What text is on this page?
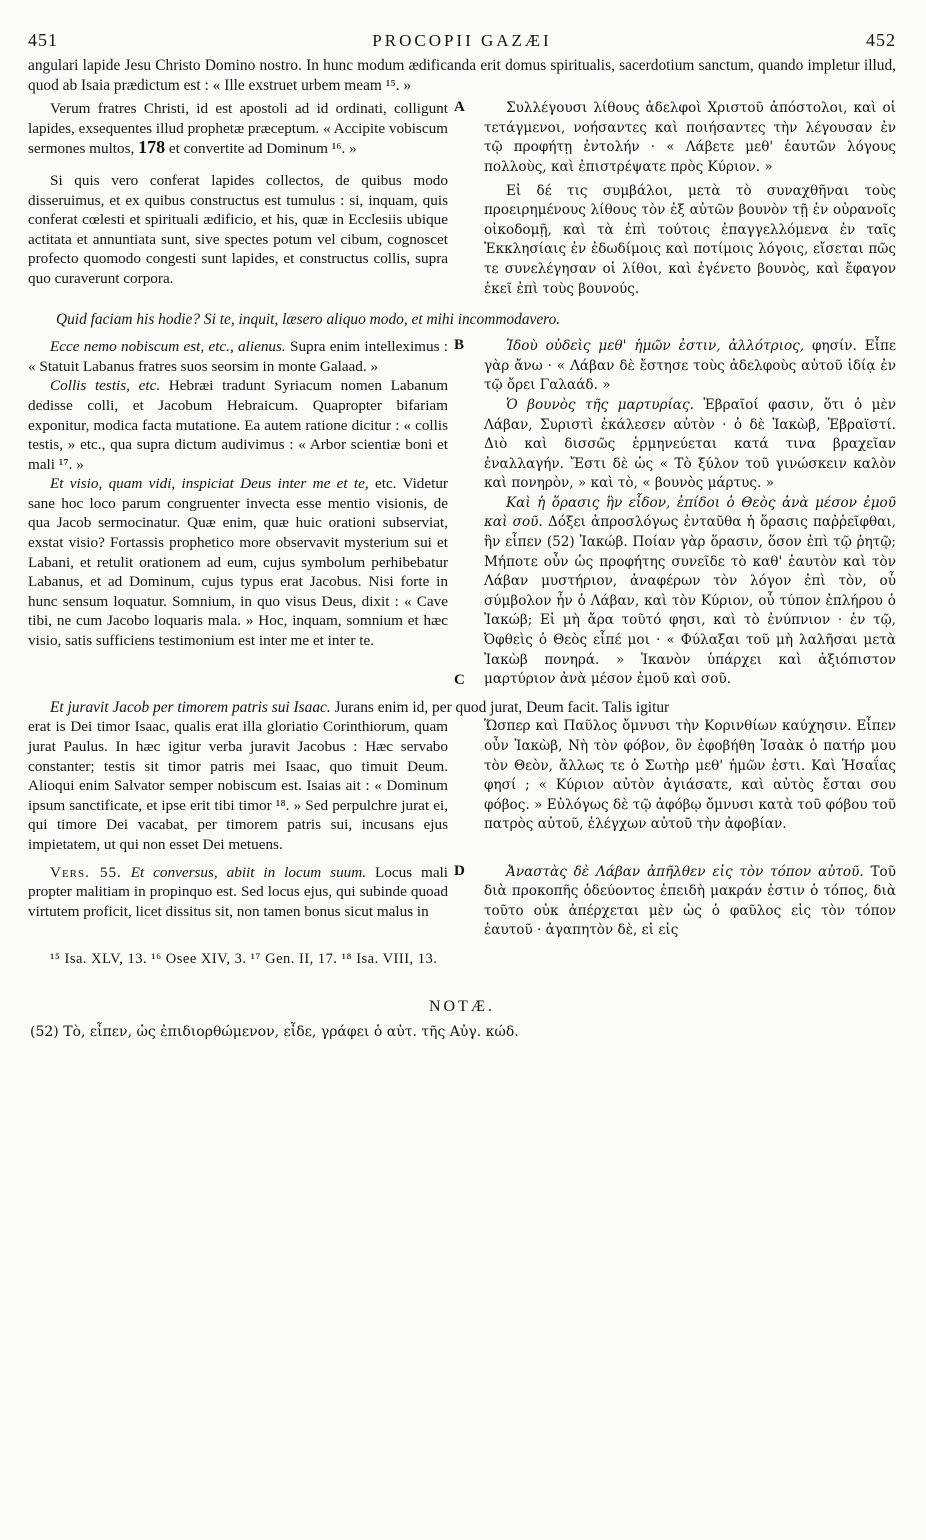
451	PROCOPII GAZÆI	452
angulari lapide Jesu Christo Domino nostro. In hunc modum ædificanda erit domus spiritualis, sacerdotium sanctum, quando impletur illud, quod ab Isaia prædictum est : « Ille exstruet urbem meam ¹⁵. »
A
Verum fratres Christi, id est apostoli ad id ordinati, colligunt lapides, exsequentes illud prophetæ præceptum. « Accipite vobiscum sermones multos, 178 et convertite ad Dominum ¹⁶. »
Si quis vero conferat lapides collectos, de quibus modo disseruimus, et ex quibus constructus est tumulus : si, inquam, quis conferat cœlesti et spirituali ædificio, et his, quæ in Ecclesiis ubique actitata et annuntiata sunt, sive spectes potum vel cibum, cognoscet profecto quomodo congesti sunt lapides, et constructus collis, supra quo curaverunt corpora.
Συλλέγουσι λίθους ἀδελφοὶ Χριστοῦ ἀπόστολοι, καὶ οἱ τετάγμενοι, νοήσαντες καὶ ποιήσαντες τὴν λέγουσαν ἐν τῷ προφήτῃ ἐντολήν · « Λάβετε μεθ' ἑαυτῶν λόγους πολλοὺς, καὶ ἐπιστρέψατε πρὸς Κύριον. »
Εἰ δέ τις συμβάλοι, μετὰ τὸ συναχθῆναι τοὺς προειρημένους λίθους τὸν ἐξ αὐτῶν βουνὸν τῇ ἐν οὐρανοῖς οἰκοδομῇ, καὶ τὰ ἐπὶ τούτοις ἐπαγγελλόμενα ἐν ταῖς Ἐκκλησίαις ἐν ἐδωδίμοις καὶ ποτίμοις λόγοις, εἴσεται πῶς τε συνελέγησαν οἱ λίθοι, καὶ ἐγένετο βουνὸς, καὶ ἔφαγον ἐκεῖ ἐπὶ τοὺς βουνούς.
Quid faciam his hodie? Si te, inquit, læsero aliquo modo, et mihi incommodavero.
B
C
Ecce nemo nobiscum est, etc., alienus. Supra enim intelleximus : « Statuit Labanus fratres suos seorsim in monte Galaad. »
Collis testis, etc. Hebræi tradunt Syriacum nomen Labanum dedisse colli, et Jacobum Hebraicum. Quapropter bifariam exponitur, modica facta mutatione. Ea autem ratione dicitur : « collis testis, » etc., qua supra dictum audivimus : « Arbor scientiæ boni et mali ¹⁷. »
Et visio, quam vidi, inspiciat Deus inter me et te, etc. Videtur sane hoc loco parum congruenter invecta esse mentio visionis, de qua Jacob sermocinatur. Quæ enim, quæ huic orationi subserviat, exstat visio? Fortassis prophetico more observavit mysterium sui et Labani, et retulit orationem ad eum, cujus symbolum perhibebatur Labanus, et ad Dominum, cujus typus erat Jacobus. Nisi forte in hunc sensum loquatur. Somnium, in quo visus Deus, dixit : « Cave tibi, ne cum Jacobo loquaris mala. » Hoc, inquam, somnium et hæc visio, satis sufficiens testimonium est inter me et inter te.
Ἰδοὺ οὐδεὶς μεθ' ἡμῶν ἐστιν, ἀλλότριος, φησίν. Εἶπε γὰρ ἄνω · « Λάβαν δὲ ἔστησε τοὺς ἀδελφοὺς αὐτοῦ ἰδίᾳ ἐν τῷ ὄρει Γαλαάδ. »
Ὁ βουνὸς τῆς μαρτυρίας. Ἑβραῖοί φασιν, ὅτι ὁ μὲν Λάβαν, Συριστὶ ἐκάλεσεν αὐτὸν · ὁ δὲ Ἰακὼβ, Ἑβραϊστί. Διὸ καὶ δισσῶς ἑρμηνεύεται κατά τινα βραχεῖαν ἐναλλαγήν. Ἔστι δὲ ὡς « Τὸ ξύλον τοῦ γινώσκειν καλὸν καὶ πονηρὸν, » καὶ τὸ, « βουνὸς μάρτυς. »
Καὶ ἡ ὅρασις ἣν εἶδον, ἐπίδοι ὁ Θεὸς ἀνὰ μέσον ἐμοῦ καὶ σοῦ. Δόξει ἀπροσλόγως ἐνταῦθα ἡ ὅρασις παῤῥεῖφθαι, ἣν εἶπεν (52) Ἰακώβ. Ποίαν γὰρ ὅρασιν, ὅσον ἐπὶ τῷ ῥητῷ; Μήποτε οὖν ὡς προφήτης συνεῖδε τὸ καθ' ἑαυτὸν καὶ τὸν Λάβαν μυστήριον, ἀναφέρων τὸν λόγον ἐπὶ τὸν, οὗ σύμβολον ἦν ὁ Λάβαν, καὶ τὸν Κύριον, οὗ τύπον ἐπλήρου ὁ Ἰακώβ; Εἰ μὴ ἄρα τοῦτό φησι, καὶ τὸ ἐνύπνιον · ἐν τῷ, Ὀφθεὶς ὁ Θεὸς εἶπέ μοι · « Φύλαξαι τοῦ μὴ λαλῆσαι μετὰ Ἰακὼβ πονηρά. » Ἱκανὸν ὑπάρχει καὶ ἀξιόπιστον μαρτύριον ἀνὰ μέσον ἐμοῦ καὶ σοῦ.
Et juravit Jacob per timorem patris sui Isaac. Jurans enim id, per quod jurat, Deum facit. Talis igitur
erat is Dei timor Isaac, qualis erat illa gloriatio Corinthiorum, quam jurat Paulus. In hæc igitur verba juravit Jacobus : Hæc servabo constanter; testis sit timor patris mei Isaac, quo timuit Deum. Alioqui enim Salvator semper nobiscum est. Isaias ait : « Dominum ipsum sanctificate, et ipse erit tibi timor ¹⁸. » Sed perpulchre jurat ei, qui timore Dei vacabat, per timorem patris sui, incusans ejus impietatem, ut qui non esset Dei metuens.
Ὥσπερ καὶ Παῦλος ὄμνυσι τὴν Κορινθίων καύχησιν. Εἶπεν οὖν Ἰακὼβ, Νὴ τὸν φόβον, ὃν ἐφοβήθη Ἰσαὰκ ὁ πατήρ μου τὸν Θεὸν, ἄλλως τε ὁ Σωτὴρ μεθ' ἡμῶν ἐστι. Καὶ Ἡσαΐας φησί ; « Κύριον αὐτὸν ἁγιάσατε, καὶ αὐτὸς ἔσται σου φόβος. » Εὐλόγως δὲ τῷ ἀφόβῳ ὄμνυσι κατὰ τοῦ φόβου τοῦ πατρὸς αὐτοῦ, ἐλέγχων αὐτοῦ τὴν ἀφοβίαν.
D
Vers. 55. Et conversus, abiit in locum suum. Locus mali propter malitiam in propinquo est. Sed locus ejus, qui subinde quoad virtutem proficit, licet dissitus sit, non tamen bonus sicut malus in
Ἀναστὰς δὲ Λάβαν ἀπῆλθεν εἰς τὸν τόπον αὐτοῦ. Τοῦ διὰ προκοπῆς ὁδεύοντος ἐπειδὴ μακράν ἐστιν ὁ τόπος, διὰ τοῦτο οὐκ ἀπέρχεται μὲν ὡς ὁ φαῦλος εἰς τὸν τόπον ἑαυτοῦ · ἀγαπητὸν δὲ, εἰ εἰς
¹⁵ Isa. XLV, 13. ¹⁶ Osee XIV, 3. ¹⁷ Gen. II, 17. ¹⁸ Isa. VIII, 13.
NOTÆ.
(52) Τὸ, εἶπεν, ὡς ἐπιδιορθώμενον, εἶδε, γράφει ὁ αὐτ. τῆς Αὐγ. κώδ.
